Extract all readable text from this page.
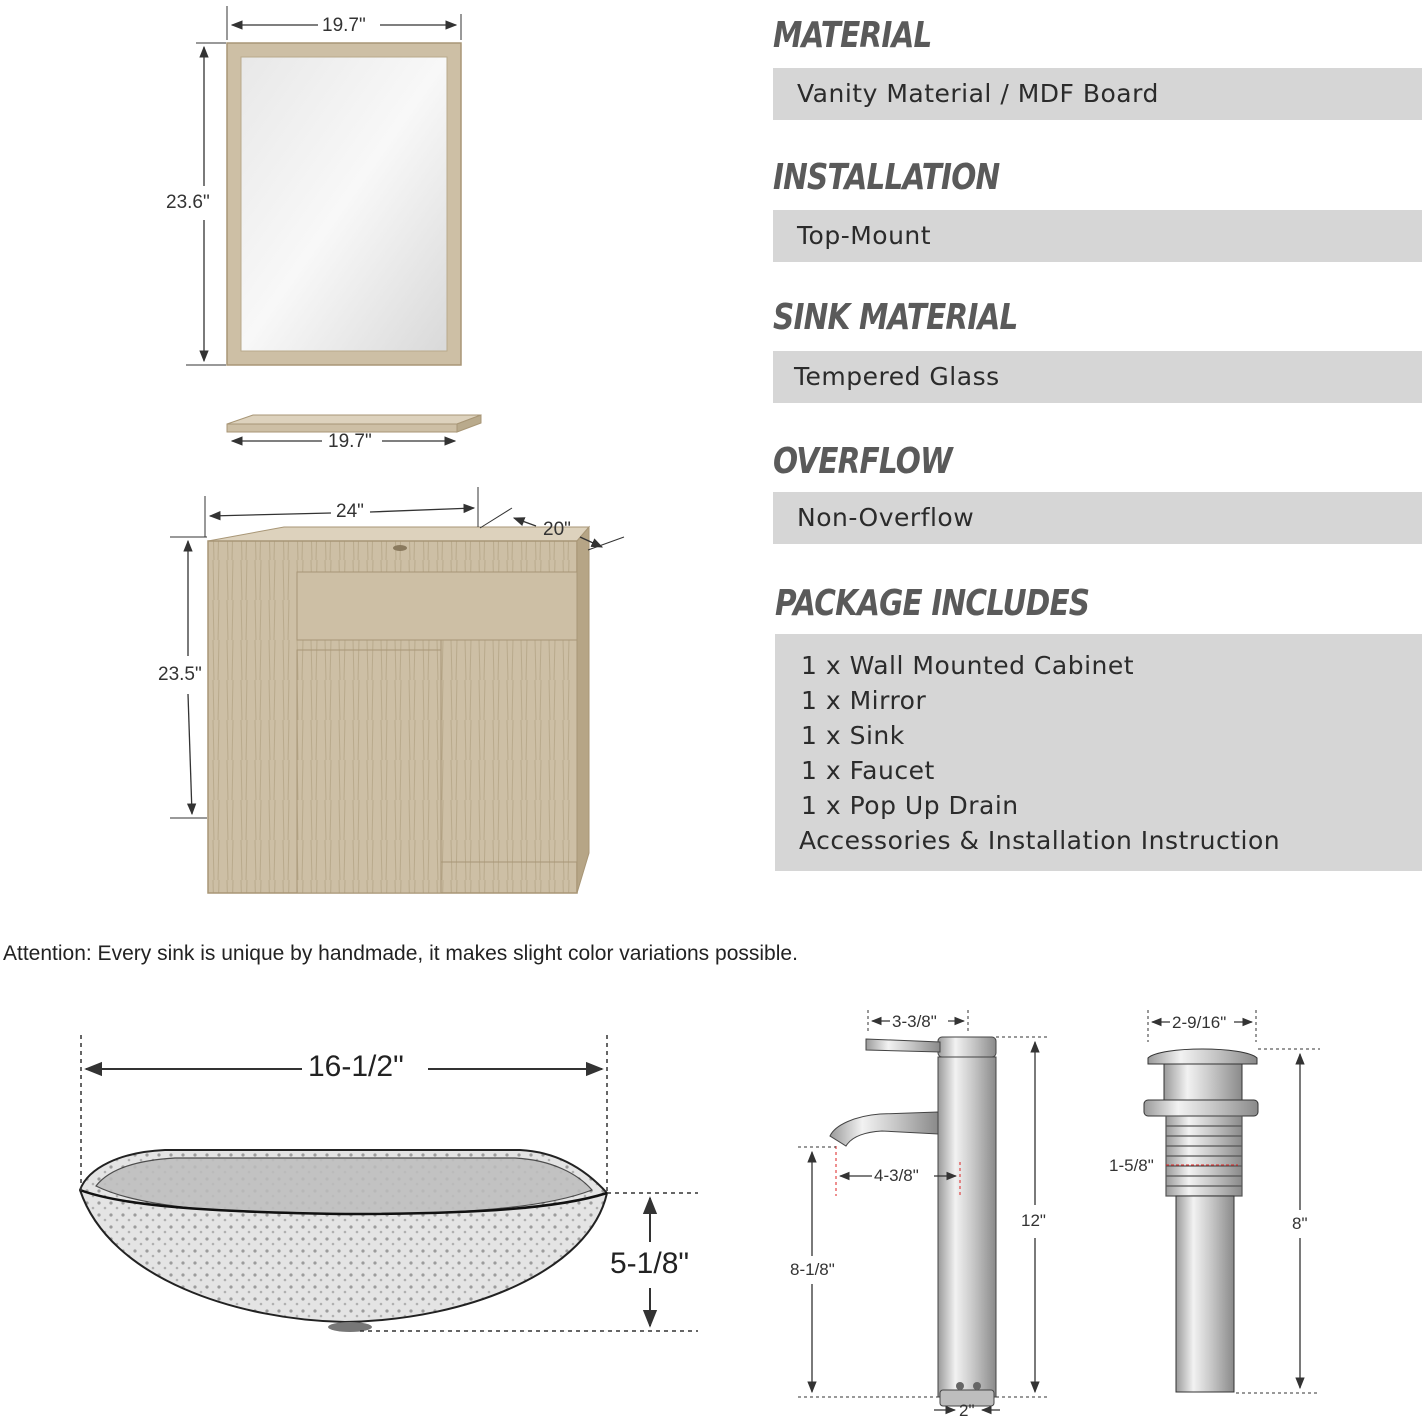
19.7"
23.6"
19.7"
24"
20"
23.5"
16-1/2"
5-1/8"
3-3/8"
4-3/8"
12"
8-1/8"
2"
2-9/16"
1-5/8"
8"
MATERIAL
Vanity Material / MDF Board
INSTALLATION
Top-Mount
SINK MATERIAL
Tempered Glass
OVERFLOW
Non-Overflow
PACKAGE INCLUDES
1 x Wall Mounted Cabinet
1 x Mirror
1 x Sink
1 x Faucet
1 x Pop Up Drain
Accessories & Installation Instruction
Attention: Every sink is unique by handmade, it makes slight color variations possible.
